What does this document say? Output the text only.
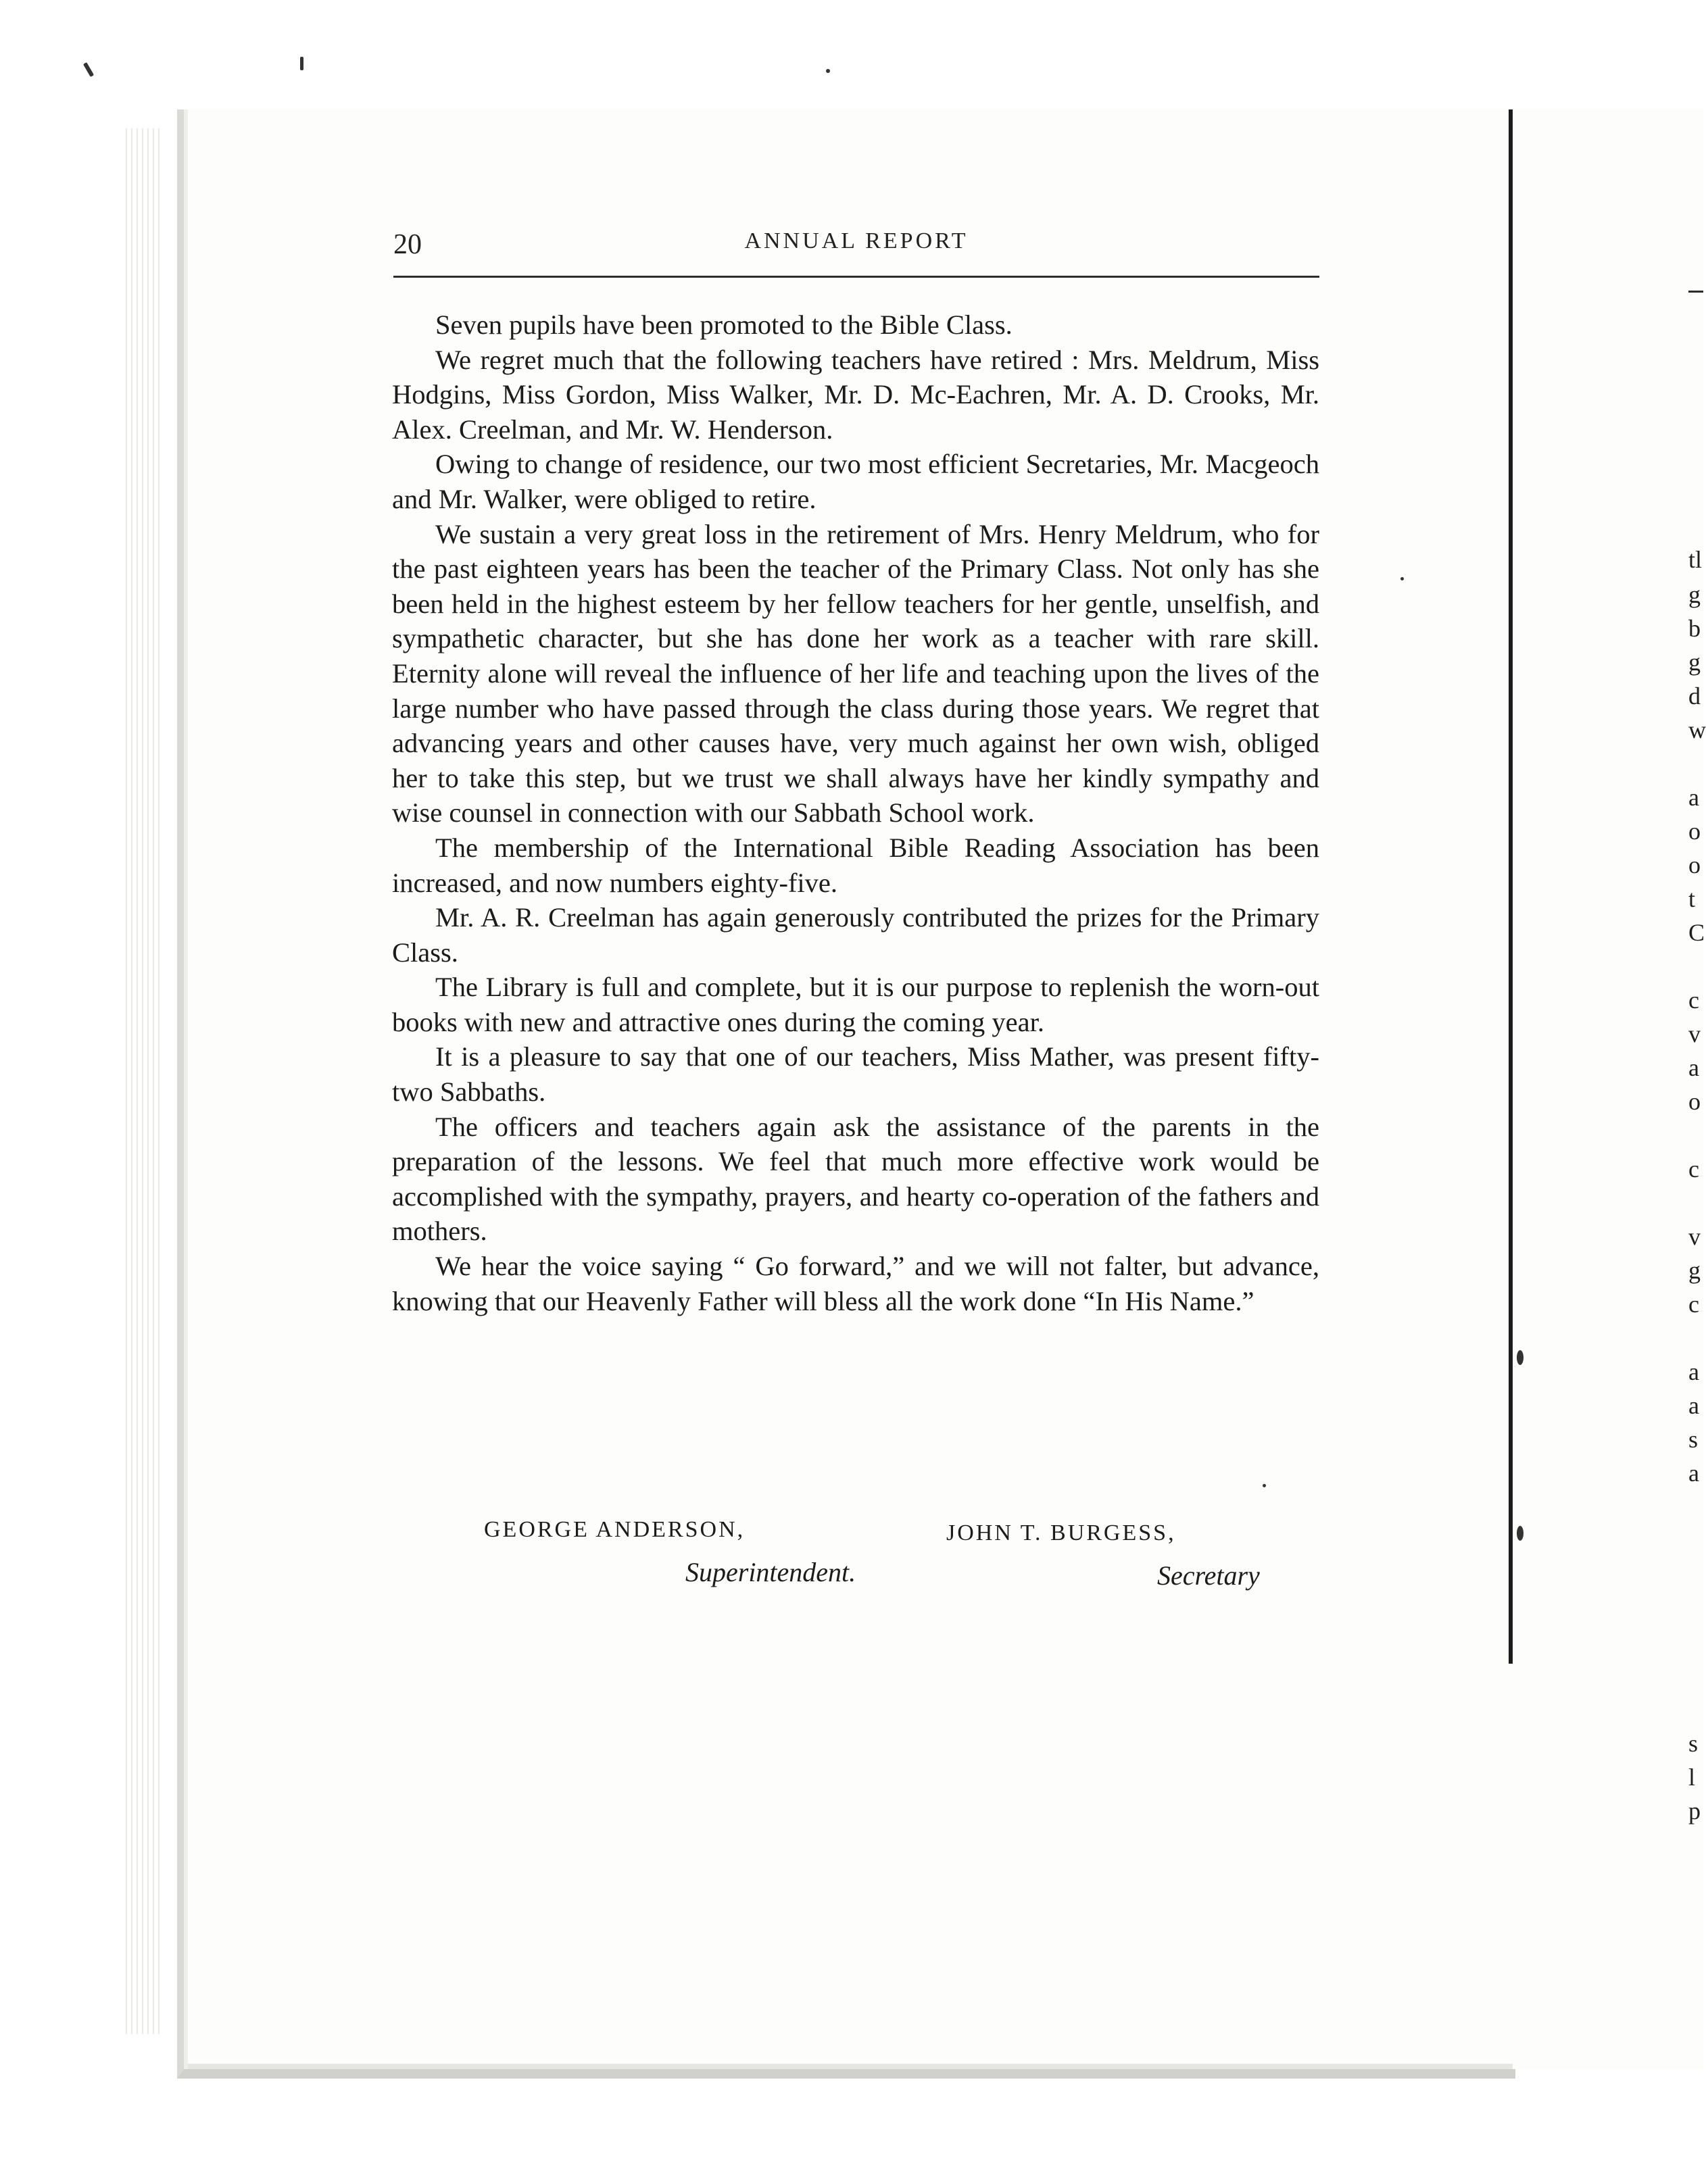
tl
g
b
g
d
w
a
o
o
t
C
c
v
a
o
c
v
g
c
a
a
s
a
s
l
p
20	ANNUAL REPORT

Seven pupils have been promoted to the Bible Class.

We regret much that the following teachers have retired : Mrs. Meldrum, Miss Hodgins, Miss Gordon, Miss Walker, Mr. D. Mc-Eachren, Mr. A. D. Crooks, Mr. Alex. Creelman, and Mr. W. Henderson.

Owing to change of residence, our two most efficient Secretaries, Mr. Macgeoch and Mr. Walker, were obliged to retire.

We sustain a very great loss in the retirement of Mrs. Henry Meldrum, who for the past eighteen years has been the teacher of the Primary Class. Not only has she been held in the highest esteem by her fellow teachers for her gentle, unselfish, and sympathetic character, but she has done her work as a teacher with rare skill. Eternity alone will reveal the influence of her life and teaching upon the lives of the large number who have passed through the class during those years. We regret that advancing years and other causes have, very much against her own wish, obliged her to take this step, but we trust we shall always have her kindly sympathy and wise counsel in connection with our Sabbath School work.

The membership of the International Bible Reading Association has been increased, and now numbers eighty-five.

Mr. A. R. Creelman has again generously contributed the prizes for the Primary Class.

The Library is full and complete, but it is our purpose to replenish the worn-out books with new and attractive ones during the coming year.

It is a pleasure to say that one of our teachers, Miss Mather, was present fifty-two Sabbaths.

The officers and teachers again ask the assistance of the parents in the preparation of the lessons. We feel that much more effective work would be accomplished with the sympathy, prayers, and hearty co-operation of the fathers and mothers.

We hear the voice saying “ Go forward,” and we will not falter, but advance, knowing that our Heavenly Father will bless all the work done “In His Name.”

GEORGE ANDERSON,
Superintendent.
JOHN T. BURGESS,
Secretary
